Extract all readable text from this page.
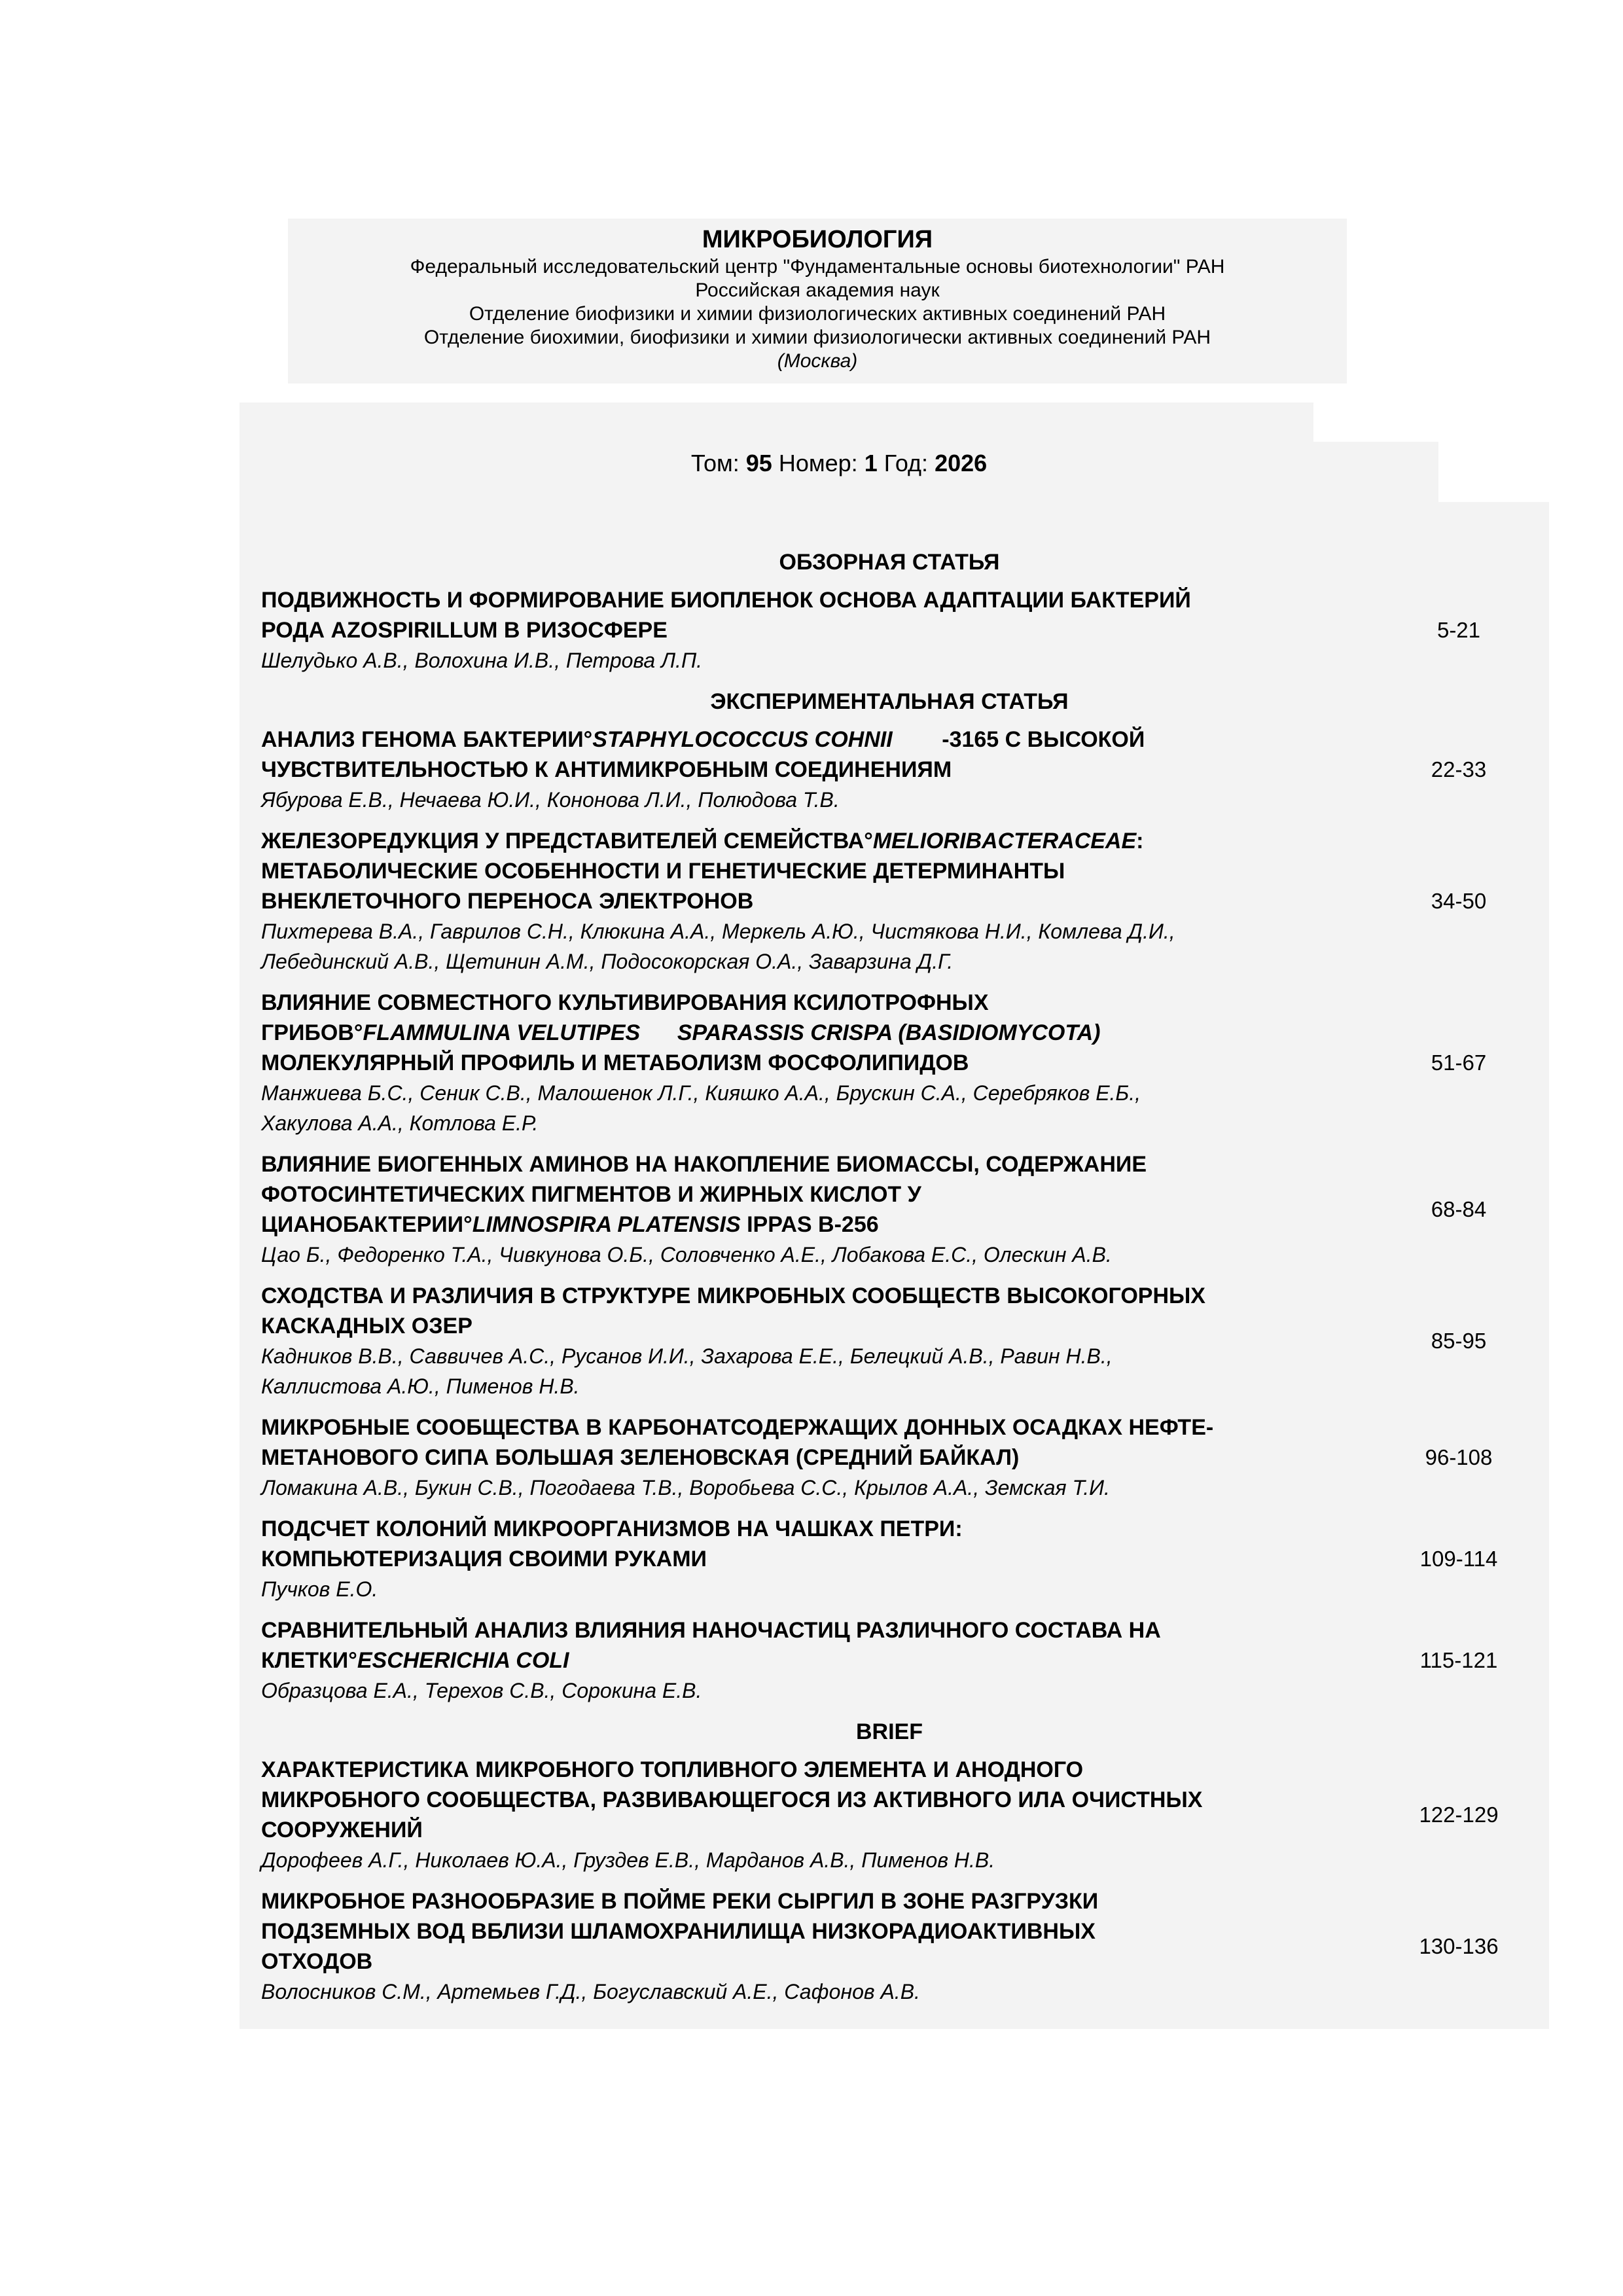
МИКРОБИОЛОГИЯ
Федеральный исследовательский центр "Фундаментальные основы биотехнологии" РАН
Российская академия наук
Отделение биофизики и химии физиологических активных соединений РАН
Отделение биохимии, биофизики и химии физиологически активных соединений РАН
(Москва)
Том: 95 Номер: 1 Год: 2026
ОБЗОРНАЯ СТАТЬЯ
ПОДВИЖНОСТЬ И ФОРМИРОВАНИЕ БИОПЛЕНОК ОСНОВА АДАПТАЦИИ БАКТЕРИЙ
РОДА AZOSPIRILLUM В РИЗОСФЕРЕ
Шелудько А.В., Волохина И.В., Петрова Л.П.
5-21
ЭКСПЕРИМЕНТАЛЬНАЯ СТАТЬЯ
АНАЛИЗ ГЕНОМА БАКТЕРИИ°STAPHYLOCOCCUS COHNII        -3165 С ВЫСОКОЙ
ЧУВСТВИТЕЛЬНОСТЬЮ К АНТИМИКРОБНЫМ СОЕДИНЕНИЯМ
Ябурова Е.В., Нечаева Ю.И., Кононова Л.И., Полюдова Т.В.
22-33
ЖЕЛЕЗОРЕДУКЦИЯ У ПРЕДСТАВИТЕЛЕЙ СЕМЕЙСТВА°MELIORIBACTERACEAE:
МЕТАБОЛИЧЕСКИЕ ОСОБЕННОСТИ И ГЕНЕТИЧЕСКИЕ ДЕТЕРМИНАНТЫ
ВНЕКЛЕТОЧНОГО ПЕРЕНОСА ЭЛЕКТРОНОВ
Пихтерева В.А., Гаврилов С.Н., Клюкина А.А., Меркель А.Ю., Чистякова Н.И., Комлева Д.И.,
Лебединский А.В., Щетинин А.М., Подосокорская О.А., Заварзина Д.Г.
34-50
ВЛИЯНИЕ СОВМЕСТНОГО КУЛЬТИВИРОВАНИЯ КСИЛОТРОФНЫХ
ГРИБОВ°FLAMMULINA VELUTIPES      SPARASSIS CRISPA (BASIDIOMYCOTA)
МОЛЕКУЛЯРНЫЙ ПРОФИЛЬ И МЕТАБОЛИЗМ ФОСФОЛИПИДОВ
Манжиева Б.С., Сеник С.В., Малошенок Л.Г., Кияшко А.А., Брускин С.А., Серебряков Е.Б.,
Хакулова А.А., Котлова Е.Р.
51-67
ВЛИЯНИЕ БИОГЕННЫХ АМИНОВ НА НАКОПЛЕНИЕ БИОМАССЫ, СОДЕРЖАНИЕ
ФОТОСИНТЕТИЧЕСКИХ ПИГМЕНТОВ И ЖИРНЫХ КИСЛОТ У
ЦИАНОБАКТЕРИИ°LIMNOSPIRA PLATENSIS IPPAS B-256
Цао Б., Федоренко Т.А., Чивкунова О.Б., Соловченко А.Е., Лобакова Е.С., Олескин А.В.
68-84
СХОДСТВА И РАЗЛИЧИЯ В СТРУКТУРЕ МИКРОБНЫХ СООБЩЕСТВ ВЫСОКОГОРНЫХ
КАСКАДНЫХ ОЗЕР
Кадников В.В., Саввичев А.С., Русанов И.И., Захарова Е.Е., Белецкий А.В., Равин Н.В.,
Каллистова А.Ю., Пименов Н.В.
85-95
МИКРОБНЫЕ СООБЩЕСТВА В КАРБОНАТСОДЕРЖАЩИХ ДОННЫХ ОСАДКАХ НЕФТЕ-
МЕТАНОВОГО СИПА БОЛЬШАЯ ЗЕЛЕНОВСКАЯ (СРЕДНИЙ БАЙКАЛ)
Ломакина А.В., Букин С.В., Погодаева Т.В., Воробьева С.С., Крылов А.А., Земская Т.И.
96-108
ПОДСЧЕТ КОЛОНИЙ МИКРООРГАНИЗМОВ НА ЧАШКАХ ПЕТРИ:
КОМПЬЮТЕРИЗАЦИЯ СВОИМИ РУКАМИ
Пучков Е.О.
109-114
СРАВНИТЕЛЬНЫЙ АНАЛИЗ ВЛИЯНИЯ НАНОЧАСТИЦ РАЗЛИЧНОГО СОСТАВА НА
КЛЕТКИ°ESCHERICHIA COLI
Образцова Е.А., Терехов С.В., Сорокина Е.В.
115-121
BRIEF
ХАРАКТЕРИСТИКА МИКРОБНОГО ТОПЛИВНОГО ЭЛЕМЕНТА И АНОДНОГО
МИКРОБНОГО СООБЩЕСТВА, РАЗВИВАЮЩЕГОСЯ ИЗ АКТИВНОГО ИЛА ОЧИСТНЫХ
СООРУЖЕНИЙ
Дорофеев А.Г., Николаев Ю.А., Груздев Е.В., Марданов А.В., Пименов Н.В.
122-129
МИКРОБНОЕ РАЗНООБРАЗИЕ В ПОЙМЕ РЕКИ СЫРГИЛ В ЗОНЕ РАЗГРУЗКИ
ПОДЗЕМНЫХ ВОД ВБЛИЗИ ШЛАМОХРАНИЛИЩА НИЗКОРАДИОАКТИВНЫХ
ОТХОДОВ
Волосников С.М., Артемьев Г.Д., Богуславский А.Е., Сафонов А.В.
130-136
